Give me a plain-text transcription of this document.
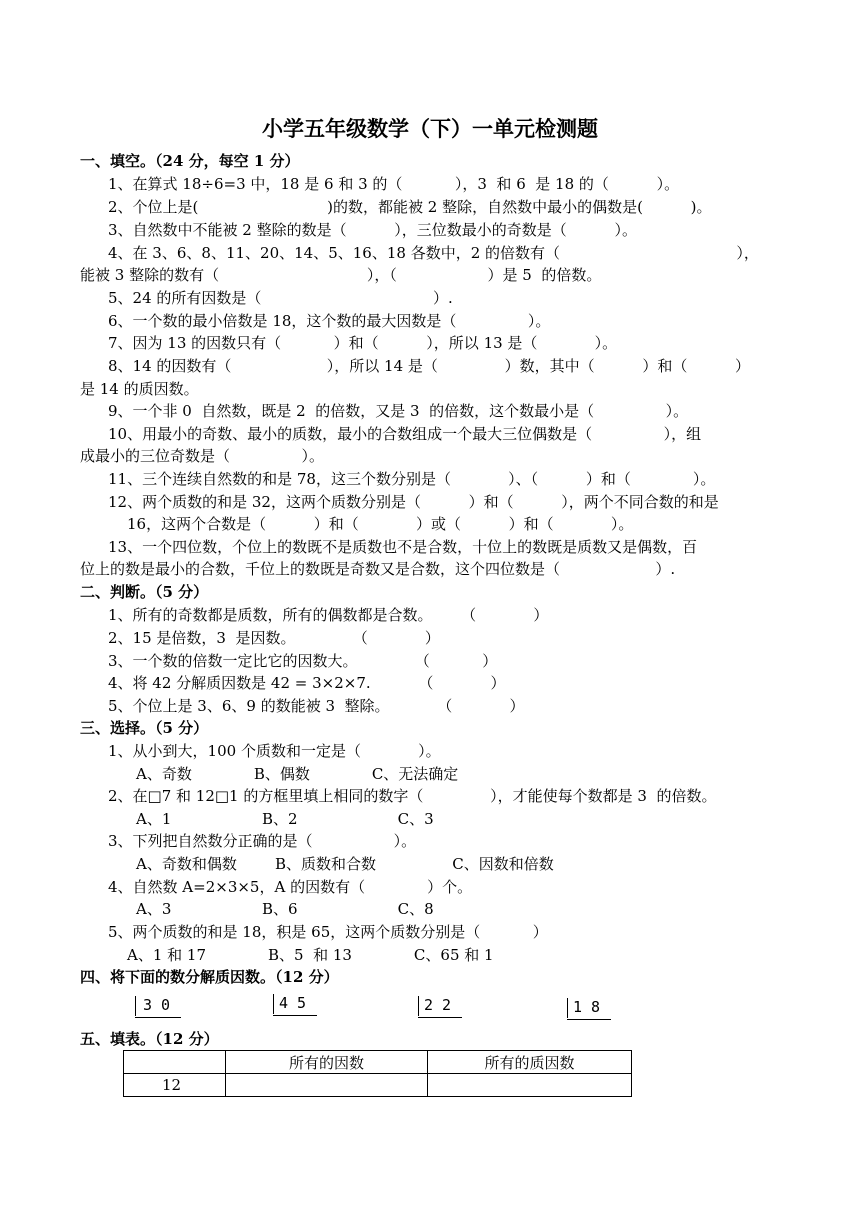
小学五年级数学（下）一单元检测题
一、填空。（24 分，每空 1 分）
1、在算式 18÷6=3 中，18 是 6 和 3 的（           ），3  和 6  是 18 的（          ）。
2、个位上是(                           )的数，都能被 2 整除，自然数中最小的偶数是(          )。
3、自然数中不能被 2 整除的数是（          ），三位数最小的奇数是（          ）。
4、在 3、6、8、11、20、14、5、16、18 各数中，2 的倍数有（                                     ），
能被 3 整除的数有（                               ），（                   ）是 5  的倍数。
5、24 的所有因数是（                                    ）.
6、一个数的最小倍数是 18，这个数的最大因数是（               ）。
7、因为 13 的因数只有（           ）和（          ），所以 13 是（            ）。
8、14 的因数有（                    ），所以 14 是（              ）数，其中（          ）和（          ）
是 14 的质因数。
9、一个非 0  自然数，既是 2  的倍数，又是 3  的倍数，这个数最小是（               ）。
10、用最小的奇数、最小的质数，最小的合数组成一个最大三位偶数是（               ），组
成最小的三位奇数是（               ）。
11、三个连续自然数的和是 78，这三个数分别是（            ）、（          ）和（             ）。
12、两个质数的和是 32，这两个质数分别是（          ）和（          ），两个不同合数的和是
16，这两个合数是（          ）和（            ）或（          ）和（            ）。
13、一个四位数，个位上的数既不是质数也不是合数，十位上的数既是质数又是偶数，百
位上的数是最小的合数，千位上的数既是奇数又是合数，这个四位数是（                    ）.
二、判断。（5 分）
1、所有的奇数都是质数，所有的偶数都是合数。      （            ）
2、15 是倍数，3  是因数。            （            ）
3、一个数的倍数一定比它的因数大。            （           ）
4、将 42 分解质因数是 42 = 3×2×7.          （            ）
5、个位上是 3、6、9 的数能被 3  整除。          （            ）
三、选择。（5 分）
1、从小到大，100 个质数和一定是（            ）。
A、奇数             B、偶数             C、无法确定
2、在□7 和 12□1 的方框里填上相同的数字（              ），才能使每个数都是 3  的倍数。
A、1                   B、2                     C、3
3、下列把自然数分正确的是（                 ）。
A、奇数和偶数        B、质数和合数                C、因数和倍数
4、自然数 A=2×3×5，A 的因数有（             ）个。
A、3                   B、6                     C、8
5、两个质数的和是 18，积是 65，这两个质数分别是（           ）
A、1 和 17             B、5  和 13             C、65 和 1
四、将下面的数分解质因数。（12 分）
3 0	4 5	2 2	1 8
五、填表。（12 分）
	所有的因数	所有的质因数
12		
